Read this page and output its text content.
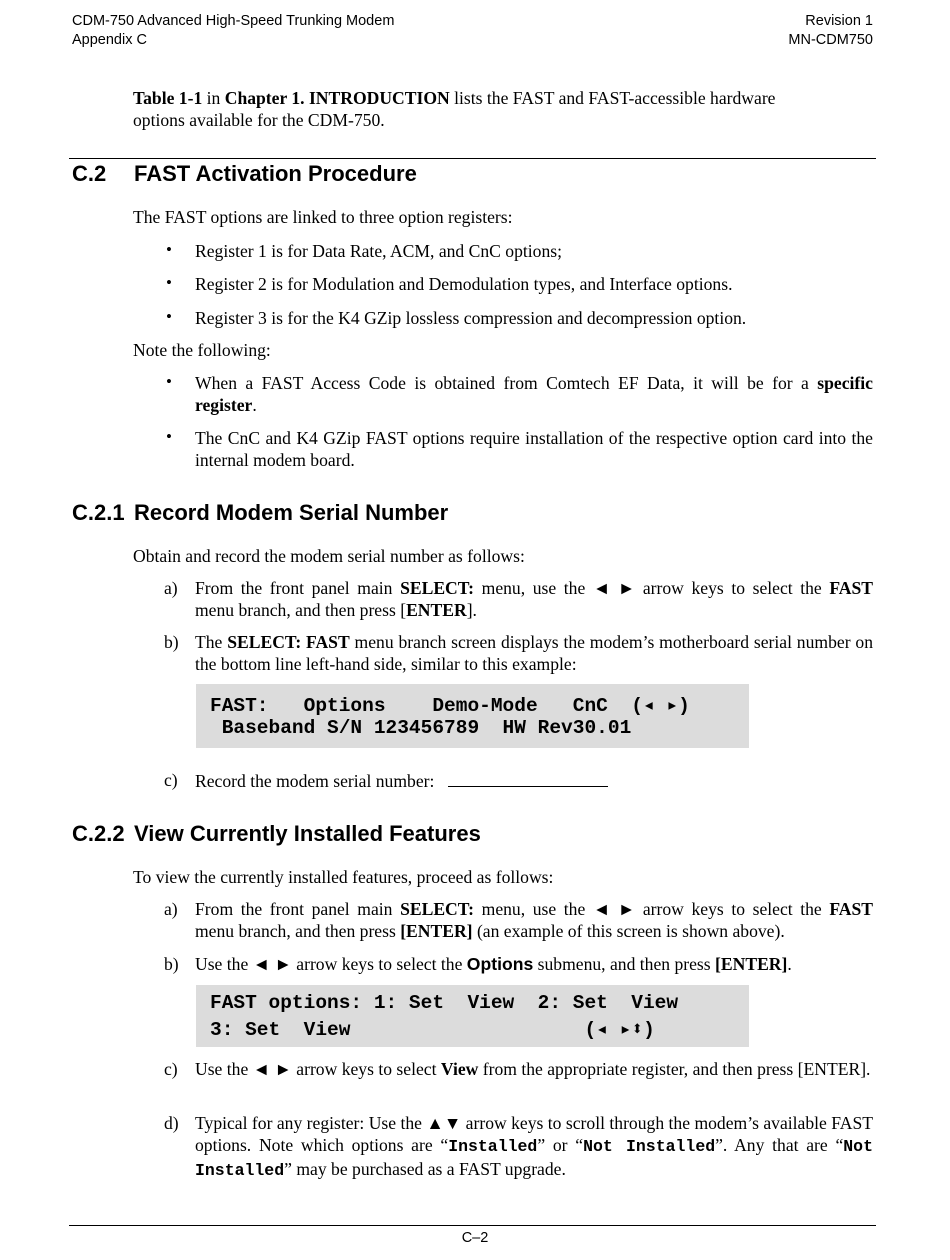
CDM-750 Advanced High-Speed Trunking Modem
Appendix C
Revision 1
MN-CDM750
Table 1-1 in Chapter 1. INTRODUCTION lists the FAST and FAST-accessible hardware
options available for the CDM-750.
C.2 FAST Activation Procedure
The FAST options are linked to three option registers:
• Register 1 is for Data Rate, ACM, and CnC options;
• Register 2 is for Modulation and Demodulation types, and Interface options.
• Register 3 is for the K4 GZip lossless compression and decompression option.
Note the following:
• When a FAST Access Code is obtained from Comtech EF Data, it will be for a specific register.
• The CnC and K4 GZip FAST options require installation of the respective option card into the internal modem board.
C.2.1 Record Modem Serial Number
Obtain and record the modem serial number as follows:
a) From the front panel main SELECT: menu, use the ◄ ► arrow keys to select the FAST
menu branch, and then press [ENTER].
b) The SELECT: FAST menu branch screen displays the modem’s motherboard serial number on the bottom line left-hand side, similar to this example:

FAST:   Options    Demo-Mode   CnC  (◂ ▸)

Baseband S/N 123456789  HW Rev30.01

c) Record the modem serial number:
C.2.2 View Currently Installed Features
To view the currently installed features, proceed as follows:
a) From the front panel main SELECT: menu, use the ◄ ► arrow keys to select the FAST
menu branch, and then press [ENTER] (an example of this screen is shown above).
b) Use the ◄ ► arrow keys to select the Options submenu, and then press [ENTER].

FAST options: 1: Set  View  2: Set  View

3: Set  View                    (◂ ▸⬍)

c) Use the ◄ ► arrow keys to select View from the appropriate register, and then press [ENTER].
d) Typical for any register: Use the ▲▼ arrow keys to scroll through the modem’s available FAST options. Note which options are “Installed” or “Not Installed”. Any that are “Not Installed” may be purchased as a FAST upgrade.
C–2
